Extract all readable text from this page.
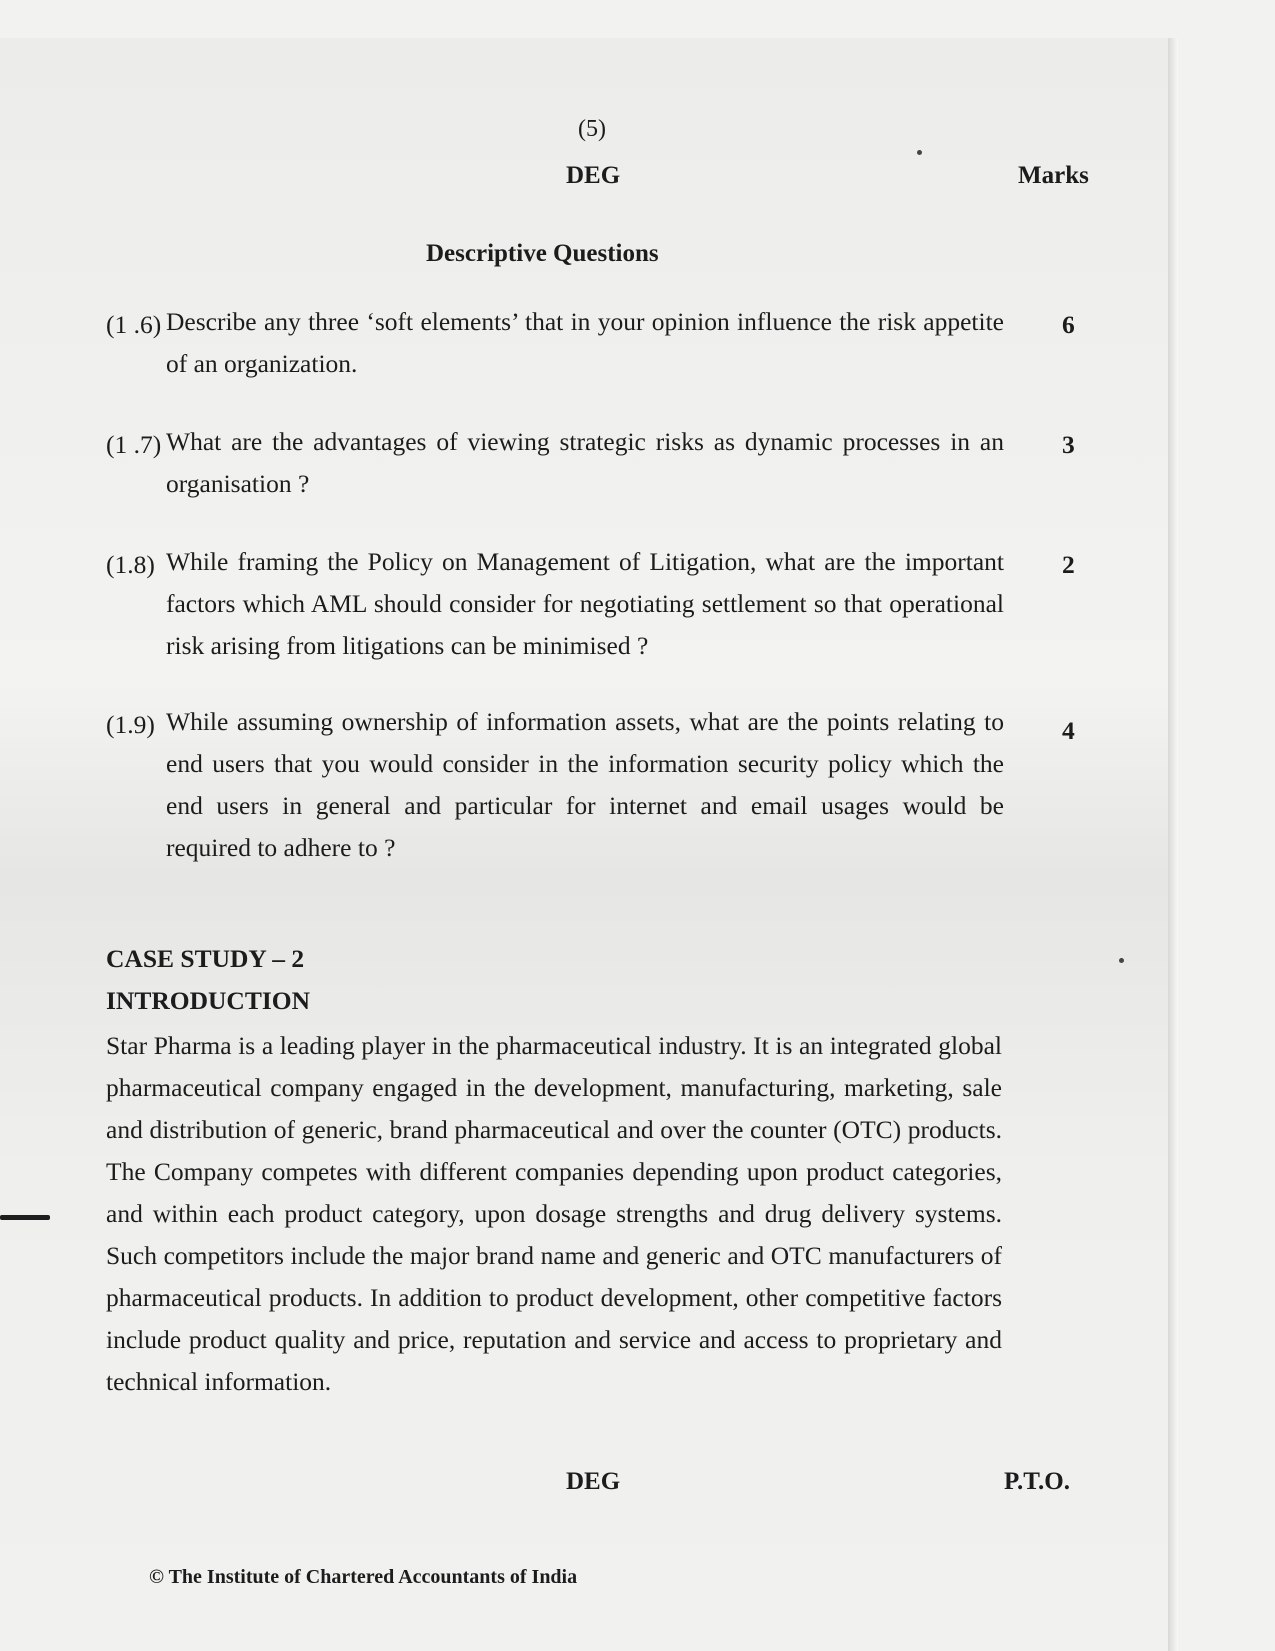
(5)
DEG	Marks
Descriptive Questions
(1 .6) Describe any three ‘soft elements’ that in your opinion influence the risk appetite of an organization.
6
(1 .7) What are the advantages of viewing strategic risks as dynamic processes in an organisation ?
3
(1.8) While framing the Policy on Management of Litigation, what are the important factors which AML should consider for negotiating settlement so that operational risk arising from litigations can be minimised ?
2
(1.9) While assuming ownership of information assets, what are the points relating to end users that you would consider in the information security policy which the end users in general and particular for internet and email usages would be required to adhere to ?
4
CASE STUDY – 2
INTRODUCTION
Star Pharma is a leading player in the pharmaceutical industry. It is an integrated global pharmaceutical company engaged in the development, manufacturing, marketing, sale and distribution of generic, brand pharmaceutical and over the counter (OTC) products. The Company competes with different companies depending upon product categories, and within each product category, upon dosage strengths and drug delivery systems. Such competitors include the major brand name and generic and OTC manufacturers of pharmaceutical products. In addition to product development, other competitive factors include product quality and price, reputation and service and access to proprietary and technical information.
DEG	P.T.O.
© The Institute of Chartered Accountants of India
